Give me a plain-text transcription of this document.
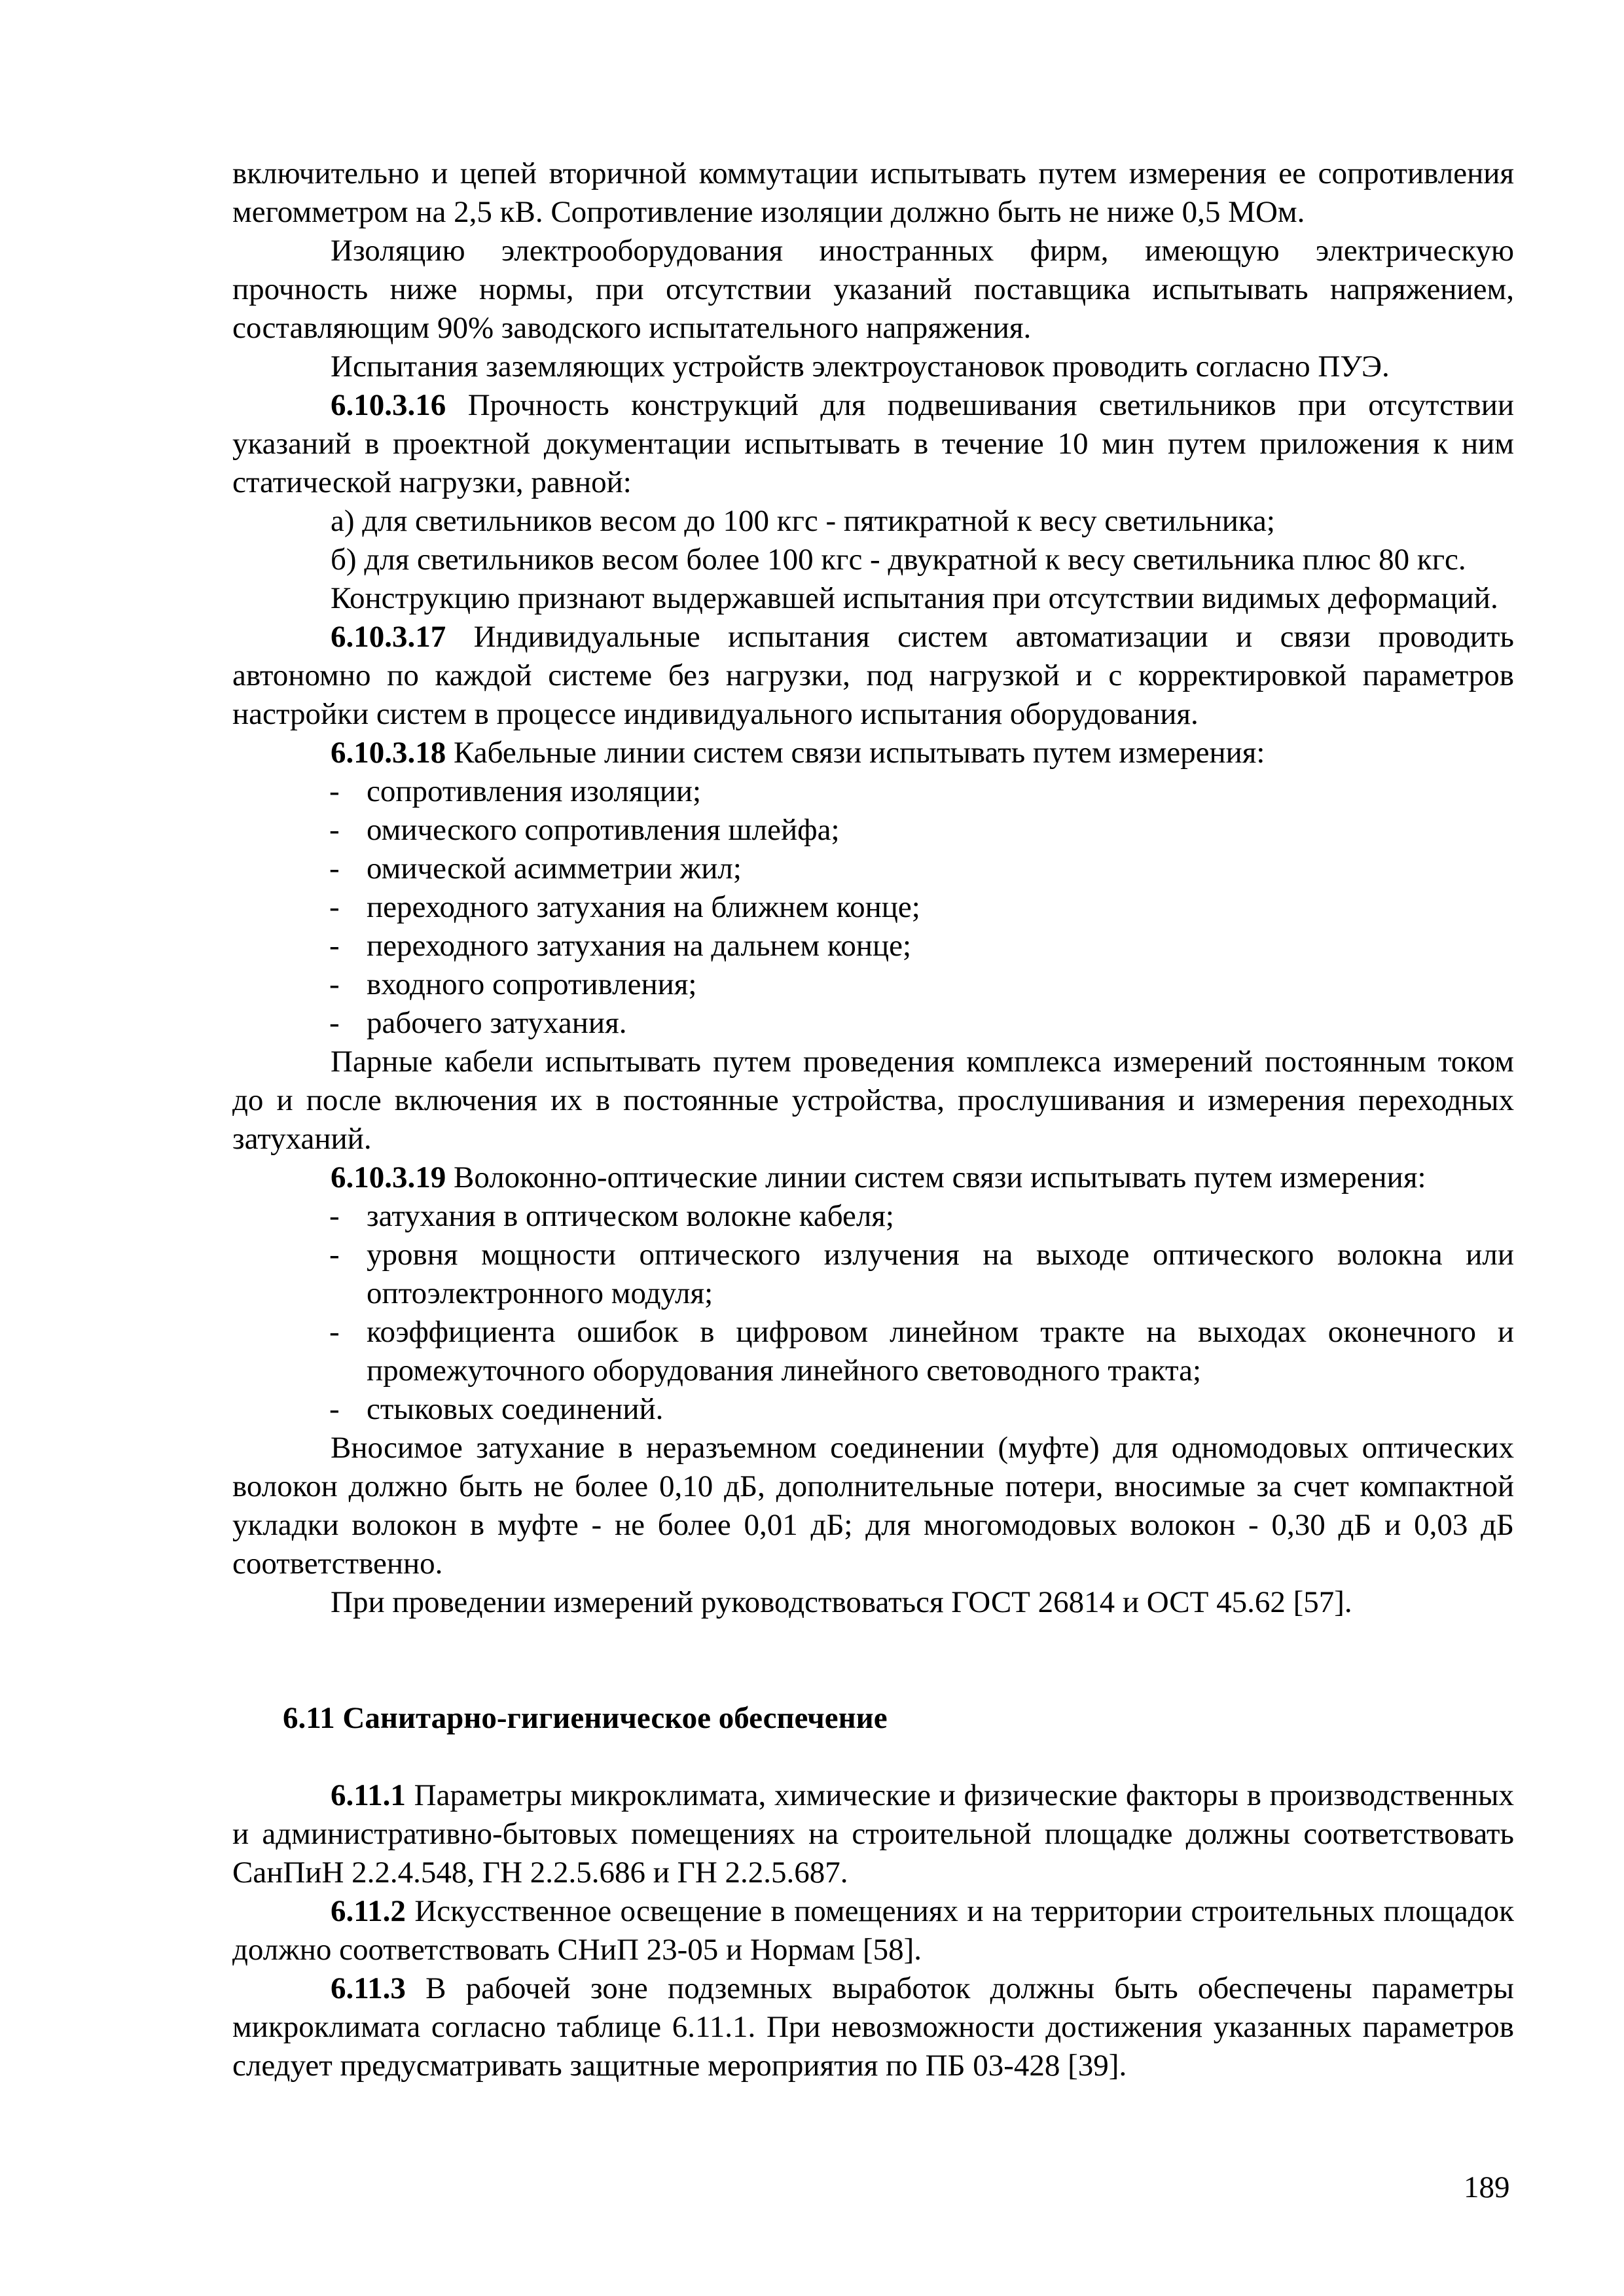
включительно и цепей вторичной коммутации испытывать путем измерения ее сопротивления мегомметром на 2,5 кВ. Сопротивление изоляции должно быть не ниже 0,5 МОм.

Изоляцию электрооборудования иностранных фирм, имеющую электрическую прочность ниже нормы, при отсутствии указаний поставщика испытывать напряжением, составляющим 90% заводского испытательного напряжения.

Испытания заземляющих устройств электроустановок проводить согласно ПУЭ.

6.10.3.16 Прочность конструкций для подвешивания светильников при отсутствии указаний в проектной документации испытывать в течение 10 мин путем приложения к ним статической нагрузки, равной:

а) для светильников весом до 100 кгс - пятикратной к весу светильника;

б) для светильников весом более 100 кгс - двукратной к весу светильника плюс 80 кгс.

Конструкцию признают выдержавшей испытания при отсутствии видимых деформаций.

6.10.3.17 Индивидуальные испытания систем автоматизации и связи проводить автономно по каждой системе без нагрузки, под нагрузкой и с корректировкой параметров настройки систем в процессе индивидуального испытания оборудования.

6.10.3.18 Кабельные линии систем связи испытывать путем измерения:

- сопротивления изоляции;

- омического сопротивления шлейфа;

- омической асимметрии жил;

- переходного затухания на ближнем конце;

- переходного затухания на дальнем конце;

- входного сопротивления;

- рабочего затухания.

Парные кабели испытывать путем проведения комплекса измерений постоянным током до и после включения их в постоянные устройства, прослушивания и измерения переходных затуханий.

6.10.3.19 Волоконно-оптические линии систем связи испытывать путем измерения:

- затухания в оптическом волокне кабеля;

- уровня мощности оптического излучения на выходе оптического волокна или оптоэлектронного модуля;

- коэффициента ошибок в цифровом линейном тракте на выходах оконечного и промежуточного оборудования линейного световодного тракта;

- стыковых соединений.

Вносимое затухание в неразъемном соединении (муфте) для одномодовых оптических волокон должно быть не более 0,10 дБ, дополнительные потери, вносимые за счет компактной укладки волокон в муфте - не более 0,01 дБ; для многомодовых волокон - 0,30 дБ и 0,03 дБ соответственно.

При проведении измерений руководствоваться ГОСТ 26814 и ОСТ 45.62 [57].

6.11 Санитарно-гигиеническое обеспечение

6.11.1 Параметры микроклимата, химические и физические факторы в производственных и административно-бытовых помещениях на строительной площадке должны соответствовать СанПиН 2.2.4.548, ГН 2.2.5.686 и ГН 2.2.5.687.

6.11.2 Искусственное освещение в помещениях и на территории строительных площадок должно соответствовать СНиП 23-05 и Нормам [58].

6.11.3 В рабочей зоне подземных выработок должны быть обеспечены параметры микроклимата согласно таблице 6.11.1. При невозможности достижения указанных параметров следует предусматривать защитные мероприятия по ПБ 03-428 [39].

189
